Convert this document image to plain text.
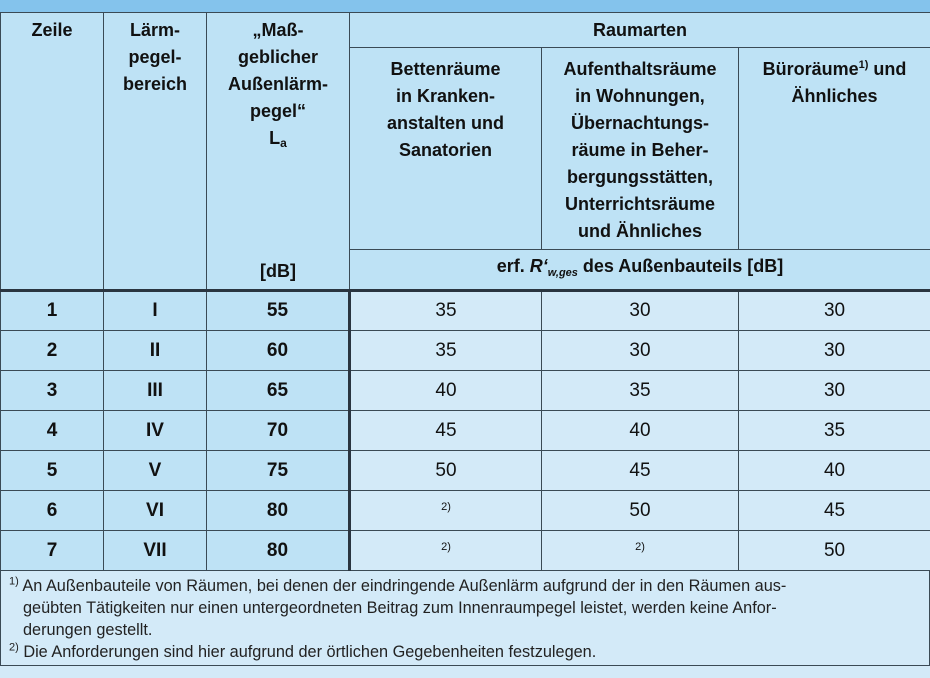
Zeile	Lärm-
pegel-
bereich

„Maß-
geblicher
Außenlärm-
pegel“
La
[dB]

Raumarten

Bettenräume
in Kranken-
anstalten und
Sanatorien

Aufenthaltsräume
in Wohnungen,
Übernachtungs-
räume in Beher-
bergungsstätten,
Unterrichtsräume
und Ähnliches

Büroräume$^{1)}$ und
Ähnliches

			erf. $R‘_{w,ges}$ des Außenbauteils [dB]		
1	I	55	35	30	30
2	II	60	35	30	30
3	III	65	40	35	30
4	IV	70	45	40	35
5	V	75	50	45	40
6	VI	80	$^{2)}$	50	45
7	VII	80	$^{2)}$	$^{2)}$	50
$^{1)}$ An Außenbauteile von Räumen, bei denen der eindringende Außenlärm aufgrund der in den Räumen aus-
geübten Tätigkeiten nur einen untergeordneten Beitrag zum Innenraumpegel leistet, werden keine Anfor-
derungen gestellt.
$^{2)}$ Die Anforderungen sind hier aufgrund der örtlichen Gegebenheiten festzulegen.
